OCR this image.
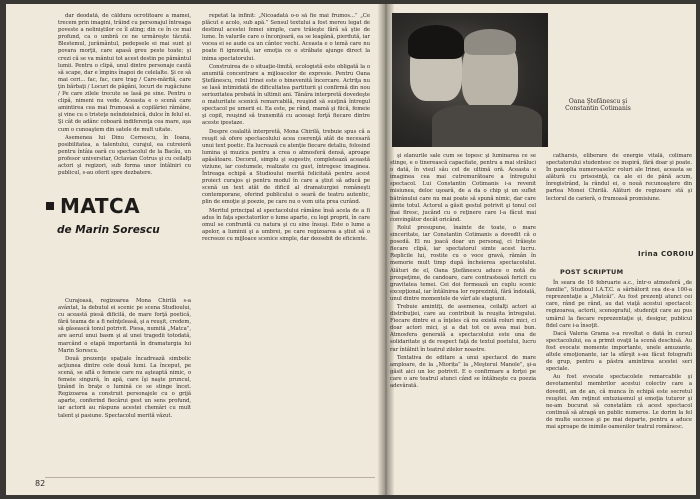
dar deodată, de căldura ocrotitoare a mamei, trecem prin imagini, trăind cu personajul întreaga poveste a neliniştilor ce îl ating; din ce în ce mai profund, ca o umbră ce ne urmăreşte tăcută. Blestemul, jurământul, pedepsele ei mai sunt şi povara morţii, care apasă greu peste toate; şi crezi că se va mântui tot acest destin pe pământul lumii. Pentru o clipă, unul dintre personaje caută să scape, dar e împins înapoi de celelalte. Şi ce să mai ceri... fac, fac, care trag / Care-mărită, care ţin bărbaţi / Locuri de păgâni, locuri de rugăciune / Pe care zilele trecute se lasă pe sine. Pentru o clipă, nimeni nu vede. Aceasta e o scenă care amintirea cea mai frumoasă a copilăriei rămâne, şi vine cu o tristeţe neîndoielnică, dulce în felul ei. Şi cât de adânc coboară indiferenţa cea mare, aşa cum o cunoaştem din satele de mult uitate.

Asemenea lui Dinu Cernescu, în Ioana, posibilitatea, a talentului, curajul, ea cutreieră pentru întâia oară cu spectacolul de la Bacău, un profesor universitar, Octavian Cotrus şi cu ceilalţi actori şi regizori, sub forma unor întâlniri cu publicul, s-au oferit spre dezbatere.

MATCA
de Marin Sorescu

Curajoasă, regizoarea Mona Chirilă s-a avântat, la debutul ei scenic pe scena Studioului, cu această piesă dificilă, de mare forţă poetică, fără teama de a fi neînţeleasă, şi a reuşit, credem, să găsească tonul potrivit. Piesa, numită „Matca”, are aerul unui basm şi al unei tragedii totodată, marcând o etapă importantă în dramaturgia lui Marin Sorescu.

Două prezenţe spaţiale încadrează simbolic acţiunea dintre cele două lumi. La început, pe scenă, se află o femeie care nu aşteaptă nimic, o femeie singură, în apă, care îşi naşte pruncul, ţinând în braţe o lumină ce se stinge încet. Regizoarea a construit personajele cu o grijă aparte, conferind fiecărui gest un sens profund, iar actorii au răspuns acestei chemări cu mult talent şi pasiune. Spectacolul merită văzut.

repetat la infinit: „Nicoadată o-o să fie mai frumos...” „Ce plăcut e acolo, sub apă.” Sensul textului a fost mereu legat de destinul acestei femei simple, care trăieşte fără să ştie de lume. În valurile care o înconjoară, ea se leagănă, pierdută, iar vocea ei se aude ca un cântec vechi. Aceasta e o temă care nu poate fi ignorată, iar emoţia ce o străbate ajunge direct la inima spectatorului.

Construirea de o situaţie-limită, ecologistă este obligată la o anumită concentrare a mijloacelor de expresie. Pentru Oana Ştefănescu, rolul Irinei este o binevenită încercare. Actriţa nu se lasă intimidată de dificultatea partiturii şi confirmă din nou seriozitatea probată în ultimii ani. Tânăra interpretă dovedeşte o maturitate scenică remarcabilă, reuşind să susţină întregul spectacol pe umerii ei. Ea este, pe rând, mamă şi fiică, femeie şi copil, reuşind să transmită cu aceeaşi forţă fiecare dintre aceste ipostaze.

Despre cealaltă interpretă, Mona Chirilă, trebuie spus că a reuşit să ofere spectacolului acea coerenţă atât de necesară unui text poetic. Ea lucrează cu atenţie fiecare detaliu, folosind lumina şi muzica pentru a crea o atmosferă densă, aproape apăsătoare. Decorul, simplu şi sugestiv, completează această viziune, iar costumele, realizate cu gust, întregesc imaginea. Întreaga echipă a Studioului merită felicitată pentru acest proiect curajos şi pentru modul în care a ştiut să aducă pe scenă un text atât de dificil al dramaturgiei româneşti contemporane, oferind publicului o seară de teatru autentic, plin de emoţie şi poezie, pe care nu o vom uita prea curând.

Meritul principal al spectacolului rămâne însă acela de a fi adus în faţa spectatorilor o lume aparte, cu legi proprii, în care omul se confruntă cu natura şi cu sine însuşi. Este o lume a apelor, a luminii şi a umbrei, pe care regizoarea a ştiut să o recreeze cu mijloace scenice simple, dar deosebit de eficiente.

82
Oana Ştefănescu şi Constantin Cotimanis

şi elanurile sale cum se topesc şi luminarea ce se stinge, e o tinerească capacitate, pentru a mai străluci o dată, în visul său cel de ultimă oră. Aceasta e imaginea cea mai cutremurătoare a întregului spectacol. Lui Constantin Cotimanis i-a revenit misiunea, deloc uşoară, de a da o chip şi un suflet bătrânului care nu mai poate să spună nimic, dar care simte totul. Actorul a găsit gestul potrivit şi tonul cel mai firesc, jucând cu o reţinere care l-a făcut mai convingător decât oricând.

Rolul presupune, înainte de toate, o mare sinceritate, iar Constantin Cotimanis a dovedit că o posedă. El nu joacă doar un personaj, ci trăieşte fiecare clipă, iar spectatorul simte acest lucru. Replicile lui, rostite cu o voce gravă, rămân în memorie mult timp după încheierea spectacolului. Alături de el, Oana Ştefănescu aduce o notă de prospeţime, de candoare, care contrastează fericit cu gravitatea temei. Cei doi formează un cuplu scenic excepţional, iar întâlnirea lor reprezintă, fără îndoială, unul dintre momentele de vârf ale stagiunii.

Trebuie amintiţi, de asemenea, ceilalţi actori ai distribuţiei, care au contribuit la reuşita întregului. Fiecare dintre ei a înţeles că nu există roluri mici, ci doar actori mici, şi a dat tot ce avea mai bun. Atmosfera generală a spectacolului este una de solidaritate şi de respect faţă de textul poetului, lucru rar întâlnit în teatrul zilelor noastre.

Tentativa de editare a unui spectacol de mare amploare, de la „Miorița” la „Meşterul Manole”, şi-a găsit aici un loc potrivit. E o confirmare a forţei pe care o are teatrul atunci când se întâlneşte cu poezia adevărată.

catharsis, eliberare de energie vitală, colimare spectatorului studentesc ce inspiră, fără doar şi poate. În panoplia numeroaselor roluri ale Irinei, aceasta se alătură cu prisosinţă, ca ale ei de până acum, înregistrând, la rândul ei, o nouă recunoaştere din partea Monei Chirilă. Alături de regizoare stă şi lectorul de carieră, o frumoasă promisiune.

Irina COROIU
POST SCRIPTUM

În seara de 16 februarie a.c., într-o atmosferă „de familie”, Studioul I.A.T.C. a sărbătorit cea de-a 100-a reprezentaţie a „Matcăi”. Au fost prezenţi atunci cei care, rând pe rând, au dat viaţă acestui spectacol: regizoarea, actorii, scenograful, studenţii care au pus umărul la fiecare reprezentaţie şi, desigur, publicul fidel care i-a însoţit.

Dacă Valeria Grama s-a revoltat o dată în cursul spectacolului, ea a primit ovaţii la scenă deschisă. Au fost evocate momente importante, unele amuzante, altele emoţionante, iar la sfârşit s-au făcut fotografii de grup, pentru a păstra amintirea acestei seri speciale.

Au fost evocate spectacolele remarcabile şi devotamentul membrilor acestui colectiv care a dovedit, an de an, că munca în echipă este secretul reuşitei. Am reţinut entuziasmul şi emoţia tuturor şi ne-am bucurat să constatăm că acest spectacol continuă să atragă un public numeros. Le dorim la fel de multe succese şi pe mai departe, pentru a aduce mai aproape de inimile oamenilor teatrul românesc.
